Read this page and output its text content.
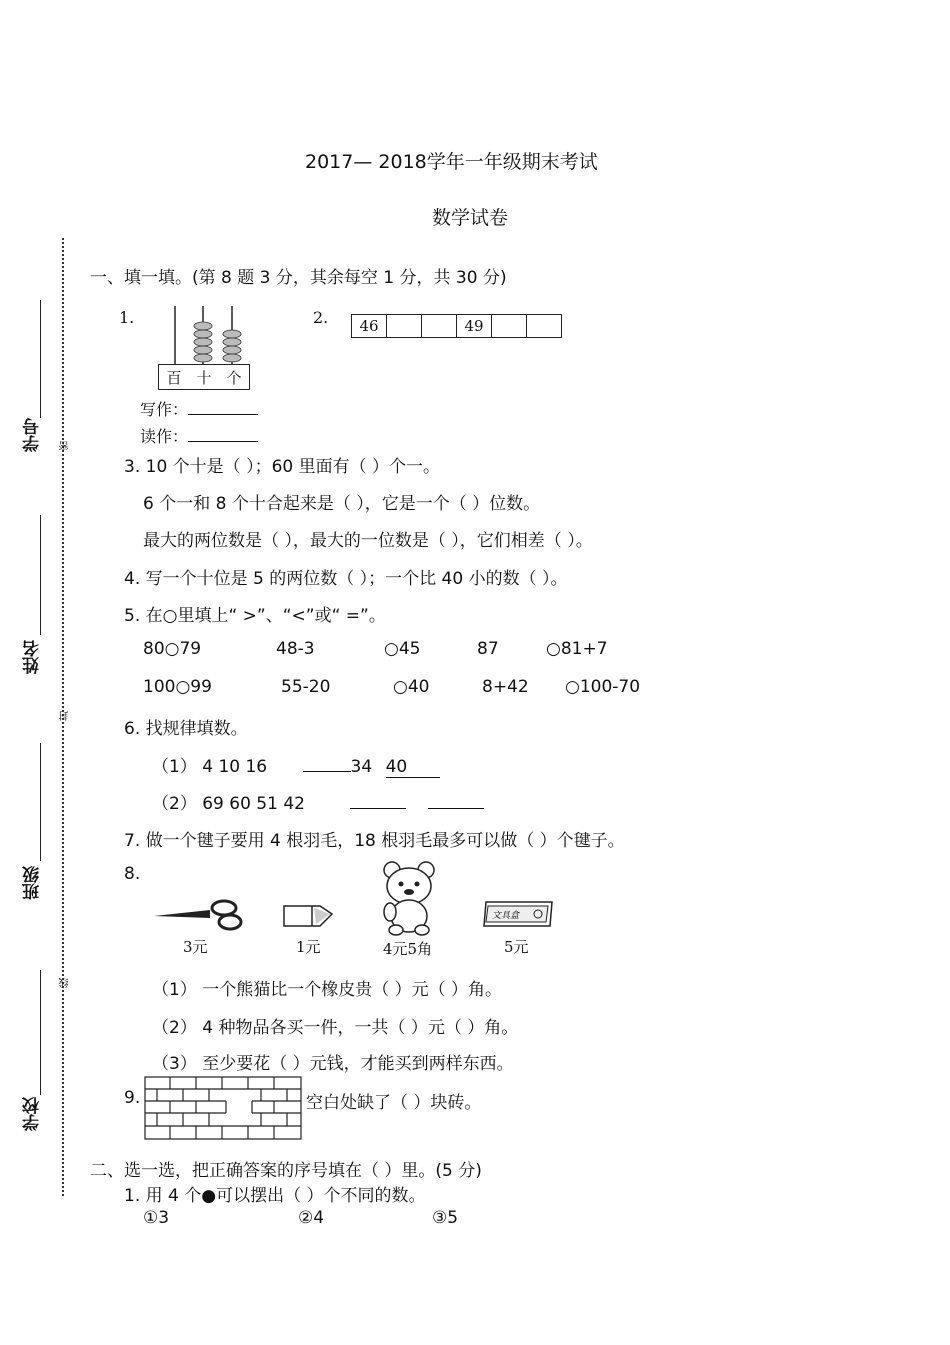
2017— 2018学年一年级期末考试
数学试卷
学号
姓名
班级
学校
密
封
线
一、填一填。(第 8 题 3 分，其余每空 1 分，共 30 分)
1.
百 十 个
写作：
读作：
2.	46	49
3. 10 个十是（ ）；60 里面有（ ）个一。
6 个一和 8 个十合起来是（ ），它是一个（ ）位数。
最大的两位数是（ ），最大的一位数是（ ），它们相差（ ）。
4. 写一个十位是 5 的两位数（ ）；一个比 40 小的数（ ）。
5. 在○里填上“ >”、“<”或“ =”。
80○79	48-3	○45	87	○81+7
100○99	55-20	○40	8+42 ○100-70
6. 找规律填数。
（1） 4 10 16	34 40
（2） 69 60 51 42
7. 做一个毽子要用 4 根羽毛，18 根羽毛最多可以做（ ）个毽子。
8.
文具盒
3元	1元	4元5角	5元
（1） 一个熊猫比一个橡皮贵（ ）元（ ）角。
（2） 4 种物品各买一件，一共（ ）元（ ）角。
（3） 至少要花（ ）元钱，才能买到两样东西。
9.	空白处缺了（ ）块砖。
二、选一选，把正确答案的序号填在（ ）里。(5 分)
1. 用 4 个●可以摆出（ ）个不同的数。
①3	②4	③5
